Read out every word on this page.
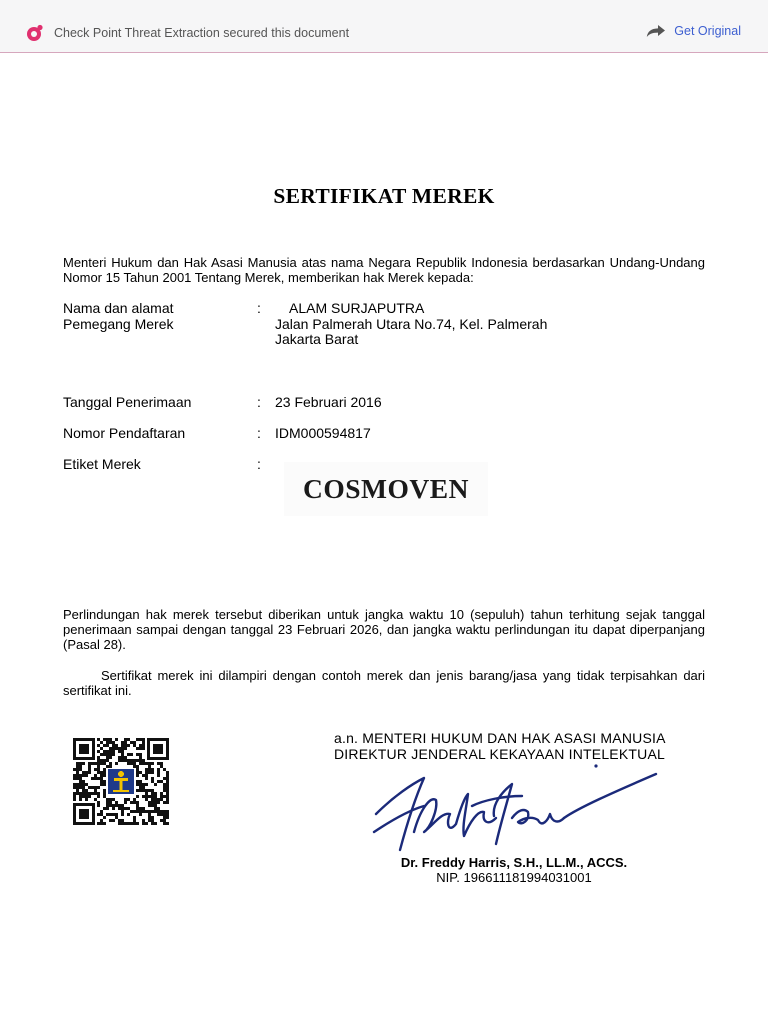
Check Point Threat Extraction secured this document	Get Original
SERTIFIKAT MEREK
Menteri Hukum dan Hak Asasi Manusia atas nama Negara Republik Indonesia berdasarkan Undang-Undang Nomor 15 Tahun 2001 Tentang Merek, memberikan hak Merek kepada:
Nama dan alamat
Pemegang Merek
: ALAM SURJAPUTRA
Jalan Palmerah Utara No.74, Kel. Palmerah
Jakarta Barat
Tanggal Penerimaan	: 23 Februari 2016
Nomor Pendaftaran	: IDM000594817
Etiket Merek	:
COSMOVEN
Perlindungan hak merek tersebut diberikan untuk jangka waktu 10 (sepuluh) tahun terhitung sejak tanggal penerimaan sampai dengan tanggal 23 Februari 2026, dan jangka waktu perlindungan itu dapat diperpanjang (Pasal 28).
Sertifikat merek ini dilampiri dengan contoh merek dan jenis barang/jasa yang tidak terpisahkan dari sertifikat ini.
a.n. MENTERI HUKUM DAN HAK ASASI MANUSIA
DIREKTUR JENDERAL KEKAYAAN INTELEKTUAL
Dr. Freddy Harris, S.H., LL.M., ACCS.
NIP. 196611181994031001
